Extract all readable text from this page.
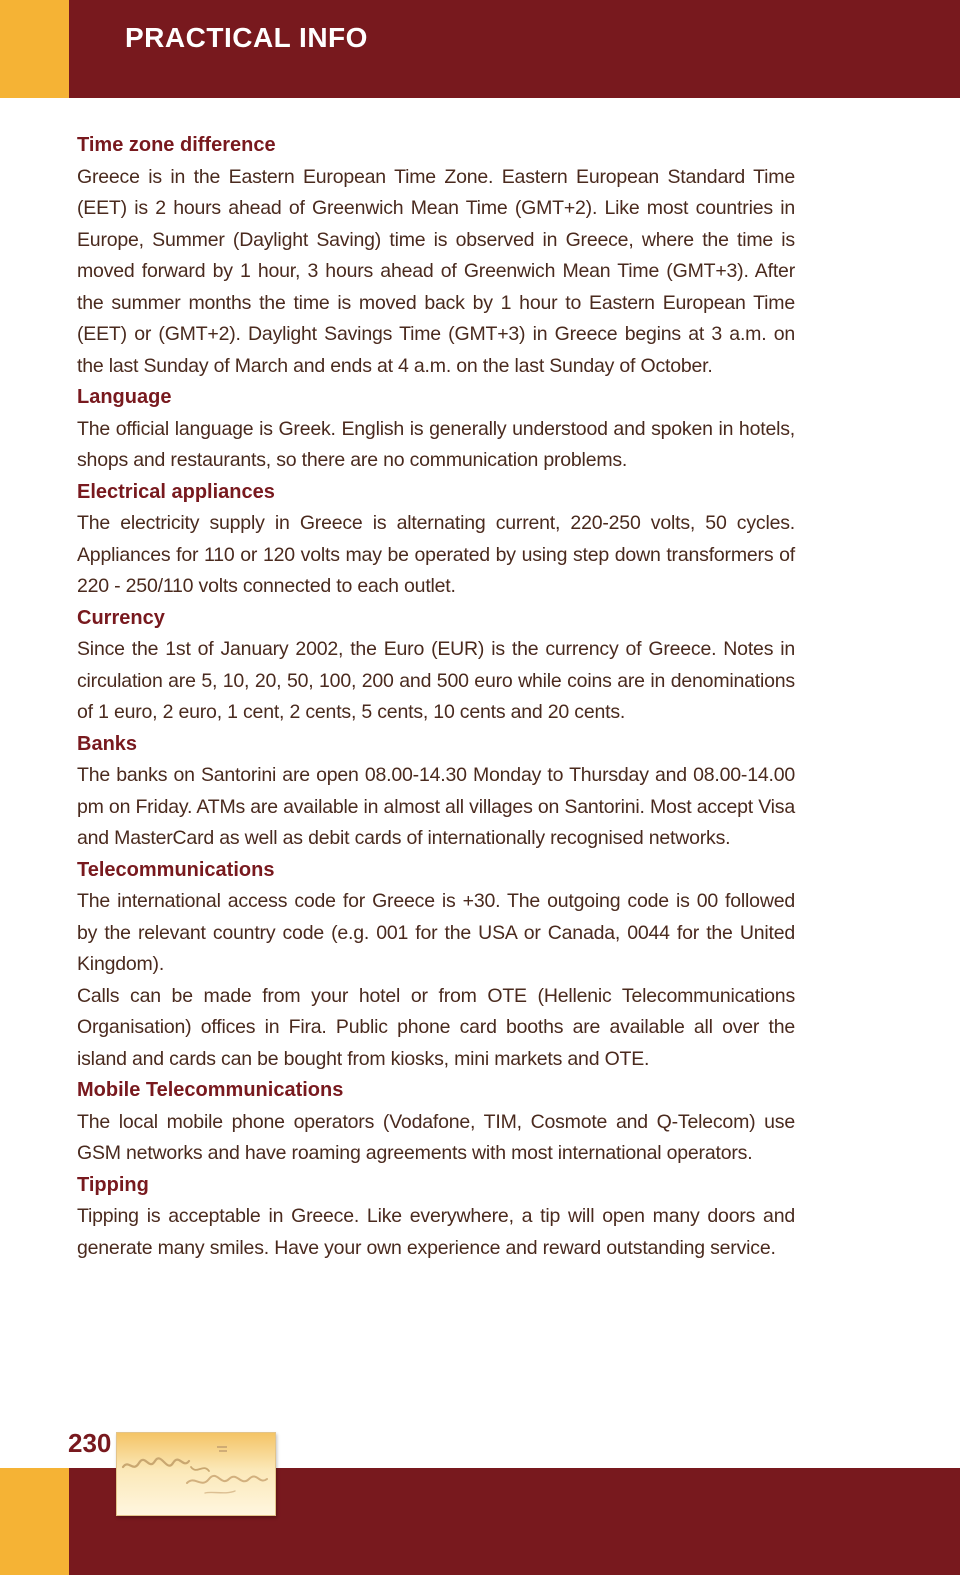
PRACTICAL INFO
Time zone difference

Greece is in the Eastern European Time Zone. Eastern European Standard Time (EET) is 2 hours ahead of Greenwich Mean Time (GMT+2). Like most countries in Europe, Summer (Daylight Saving) time is observed in Greece, where the time is moved forward by 1 hour, 3 hours ahead of Greenwich Mean Time (GMT+3). After the summer months the time is moved back by 1 hour to Eastern European Time (EET) or (GMT+2). Daylight Savings Time (GMT+3) in Greece begins at 3 a.m. on the last Sunday of March and ends at 4 a.m. on the last Sunday of October.

Language

The official language is Greek. English is generally understood and spoken in hotels, shops and restaurants, so there are no communication problems.

Electrical appliances

The electricity supply in Greece is alternating current, 220-250 volts, 50 cycles. Appliances for 110 or 120 volts may be operated by using step down transformers of 220 - 250/110 volts connected to each outlet.

Currency

Since the 1st of January 2002, the Euro (EUR) is the currency of Greece. Notes in circulation are 5, 10, 20, 50, 100, 200 and 500 euro while coins are in denominations of 1 euro, 2 euro, 1 cent, 2 cents, 5 cents, 10 cents and 20 cents.

Banks

The banks on Santorini are open 08.00-14.30 Monday to Thursday and 08.00-14.00 pm on Friday. ATMs are available in almost all villages on Santorini. Most accept Visa and MasterCard as well as debit cards of internationally recognised networks.

Telecommunications

The international access code for Greece is +30. The outgoing code is 00 followed by the relevant country code (e.g. 001 for the USA or Canada, 0044 for the United Kingdom).

Calls can be made from your hotel or from OTE (Hellenic Telecommunications Organisation) offices in Fira. Public phone card booths are available all over the island and cards can be bought from kiosks, mini markets and OTE.

Mobile Telecommunications

The local mobile phone operators (Vodafone, TIM, Cosmote and Q-Telecom) use GSM networks and have roaming agreements with most international operators.

Tipping

Tipping is acceptable in Greece. Like everywhere, a tip will open many doors and generate many smiles. Have your own experience and reward outstanding service.

230
